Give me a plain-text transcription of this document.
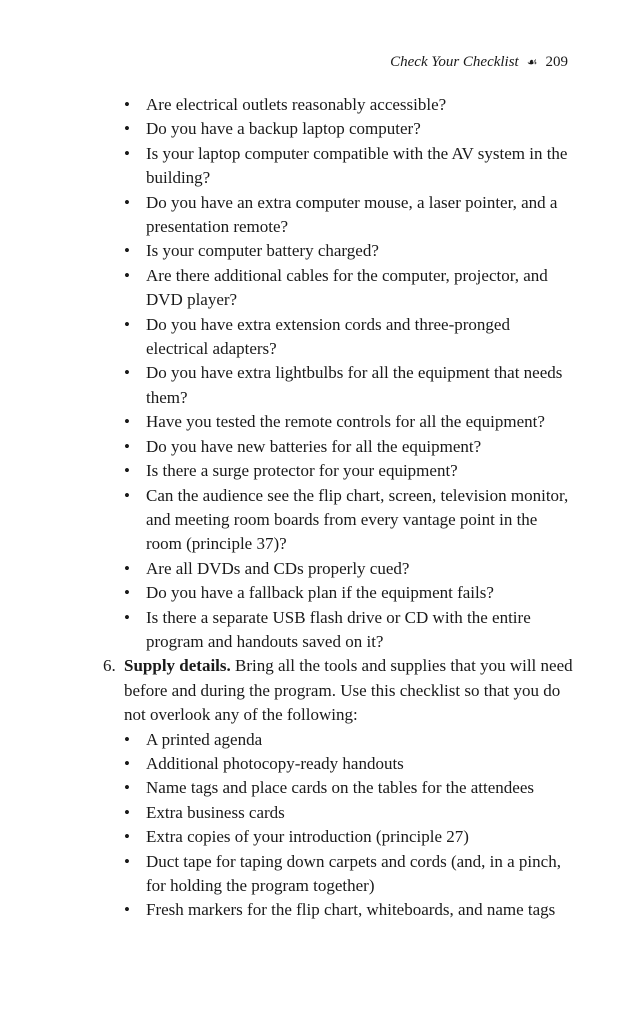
Check Your Checklist ☙ 209
• Are electrical outlets reasonably accessible?
• Do you have a backup laptop computer?
• Is your laptop computer compatible with the AV system in the building?
• Do you have an extra computer mouse, a laser pointer, and a presentation remote?
• Is your computer battery charged?
• Are there additional cables for the computer, projector, and DVD player?
• Do you have extra extension cords and three-pronged electrical adapters?
• Do you have extra lightbulbs for all the equipment that needs them?
• Have you tested the remote controls for all the equipment?
• Do you have new batteries for all the equipment?
• Is there a surge protector for your equipment?
• Can the audience see the flip chart, screen, television monitor, and meeting room boards from every vantage point in the room (principle 37)?
• Are all DVDs and CDs properly cued?
• Do you have a fallback plan if the equipment fails?
• Is there a separate USB flash drive or CD with the entire program and handouts saved on it?
6. Supply details. Bring all the tools and supplies that you will need before and during the program. Use this checklist so that you do not overlook any of the following:
• A printed agenda
• Additional photocopy-ready handouts
• Name tags and place cards on the tables for the attendees
• Extra business cards
• Extra copies of your introduction (principle 27)
• Duct tape for taping down carpets and cords (and, in a pinch, for holding the program together)
• Fresh markers for the flip chart, whiteboards, and name tags
